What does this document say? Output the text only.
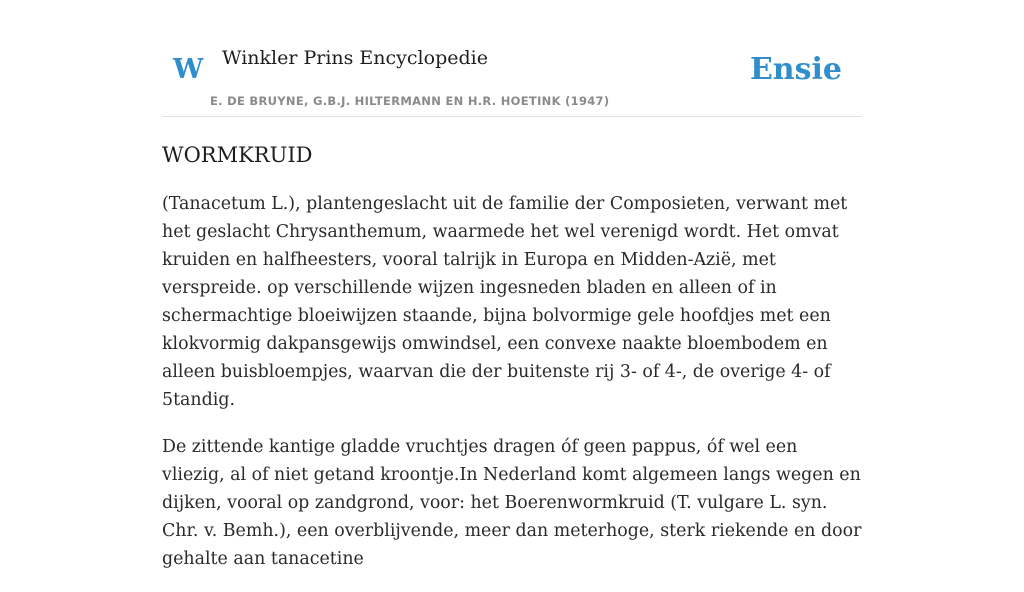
W Winkler Prins Encyclopedie
E. DE BRUYNE, G.B.J. HILTERMANN EN H.R. HOETINK (1947)
Ensie
WORMKRUID

(Tanacetum L.), plantengeslacht uit de familie der Composieten, verwant met het geslacht Chrysanthemum, waarmede het wel verenigd wordt. Het omvat kruiden en halfheesters, vooral talrijk in Europa en Midden-Azië, met verspreide. op verschillende wijzen ingesneden bladen en alleen of in schermachtige bloeiwijzen staande, bijna bolvormige gele hoofdjes met een klokvormig dakpansgewijs omwindsel, een convexe naakte bloembodem en alleen buisbloempjes, waarvan die der buitenste rij 3- of 4-, de overige 4- of 5tandig.

De zittende kantige gladde vruchtjes dragen óf geen pappus, óf wel een vliezig, al of niet getand kroontje.In Nederland komt algemeen langs wegen en dijken, vooral op zandgrond, voor: het Boerenwormkruid (T. vulgare L. syn. Chr. v. Bemh.), een overblijvende, meer dan meterhoge, sterk riekende en door gehalte aan tanacetine
